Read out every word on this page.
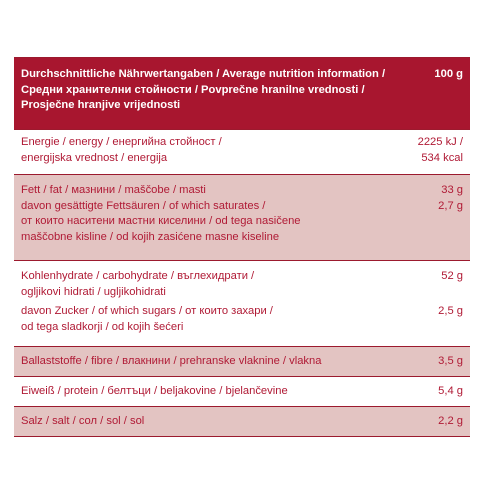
100 g
Durchschnittliche Nährwertangaben / Average nutrition information /
Средни хранителни стойности / Povprečne hranilne vrednosti /
Prosječne hranjive vrijednosti
2225 kJ /
534 kcal
Energie / energy / енергийна стойност /
energijska vrednost / energija
33 g
2,7 g
Fett / fat / мазнини / maščobe / masti
davon gesättigte Fettsäuren / of which saturates /
от които наситени мастни киселини / od tega nasičene
maščobne kisline / od kojih zasićene masne kiseline
52 g
2,5 g
Kohlenhydrate / carbohydrate / въглехидрати /
ogljikovi hidrati / ugljikohidrati
davon Zucker / of which sugars / от които захари /
od tega sladkorji / od kojih šećeri
3,5 g
Ballaststoffe / fibre / влакнини / prehranske vlaknine / vlakna
5,4 g
Eiweiß / protein / белтъци / beljakovine / bjelančevine
2,2 g
Salz / salt / сол / sol / sol
